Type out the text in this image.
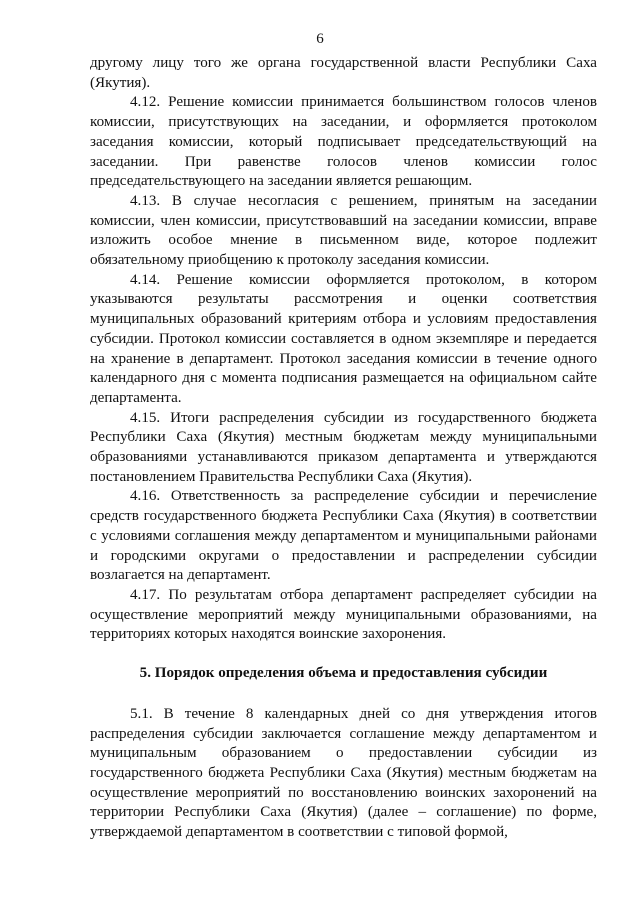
6

другому лицу того же органа государственной власти Республики Саха (Якутия).

4.12. Решение комиссии принимается большинством голосов членов комиссии, присутствующих на заседании, и оформляется протоколом заседания комиссии, который подписывает председательствующий на заседании. При равенстве голосов членов комиссии голос председательствующего на заседании является решающим.

4.13. В случае несогласия с решением, принятым на заседании комиссии, член комиссии, присутствовавший на заседании комиссии, вправе изложить особое мнение в письменном виде, которое подлежит обязательному приобщению к протоколу заседания комиссии.

4.14. Решение комиссии оформляется протоколом, в котором указываются результаты рассмотрения и оценки соответствия муниципальных образований критериям отбора и условиям предоставления субсидии. Протокол комиссии составляется в одном экземпляре и передается на хранение в департамент. Протокол заседания комиссии в течение одного календарного дня с момента подписания размещается на официальном сайте департамента.

4.15. Итоги распределения субсидии из государственного бюджета Республики Саха (Якутия) местным бюджетам между муниципальными образованиями устанавливаются приказом департамента и утверждаются постановлением Правительства Республики Саха (Якутия).

4.16. Ответственность за распределение субсидии и перечисление средств государственного бюджета Республики Саха (Якутия) в соответствии с условиями соглашения между департаментом и муниципальными районами и городскими округами о предоставлении и распределении субсидии возлагается на департамент.

4.17. По результатам отбора департамент распределяет субсидии на осуществление мероприятий между муниципальными образованиями, на территориях которых находятся воинские захоронения.

5. Порядок определения объема и предоставления субсидии

5.1. В течение 8 календарных дней со дня утверждения итогов распределения субсидии заключается соглашение между департаментом и муниципальным образованием о предоставлении субсидии из государственного бюджета Республики Саха (Якутия) местным бюджетам на осуществление мероприятий по восстановлению воинских захоронений на территории Республики Саха (Якутия) (далее – соглашение) по форме, утверждаемой департаментом в соответствии с типовой формой,
